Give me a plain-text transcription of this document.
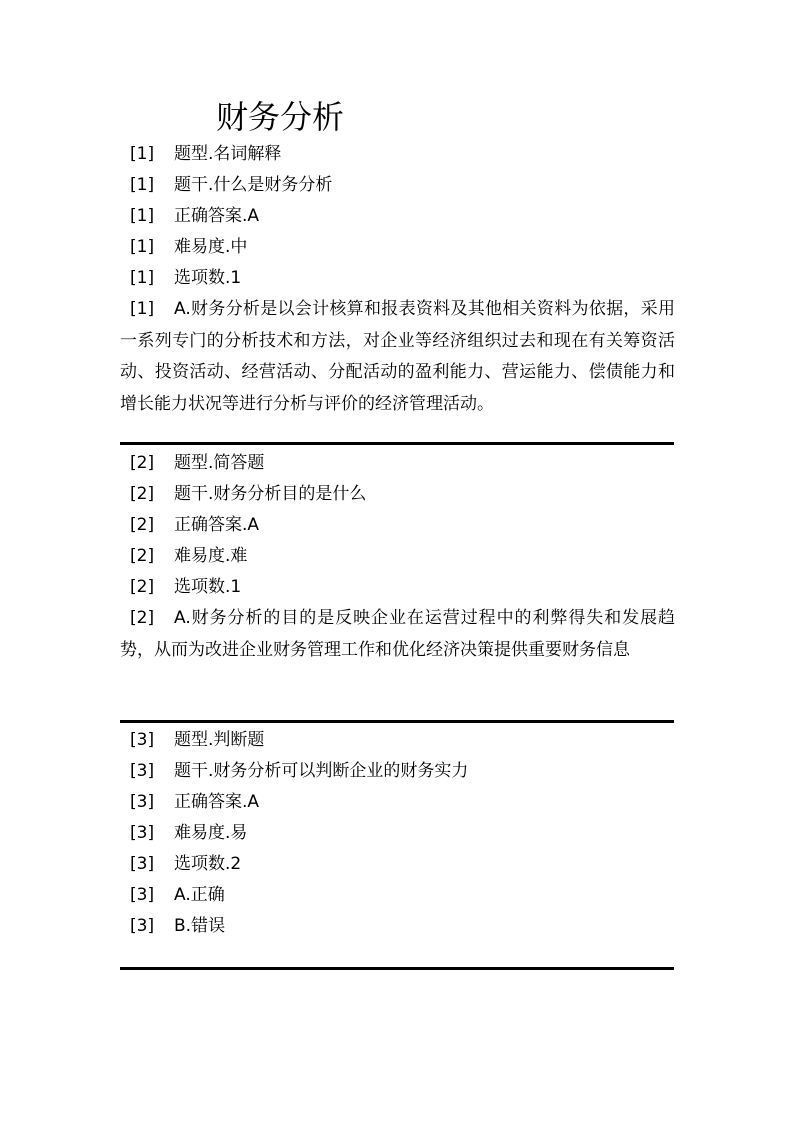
财务分析
[1] 题型.名词解释
[1] 题干.什么是财务分析
[1] 正确答案.A
[1] 难易度.中
[1] 选项数.1
[1] A.财务分析是以会计核算和报表资料及其他相关资料为依据，采用一系列专门的分析技术和方法，对企业等经济组织过去和现在有关筹资活动、投资活动、经营活动、分配活动的盈利能力、营运能力、偿债能力和增长能力状况等进行分析与评价的经济管理活动。
[2] 题型.简答题
[2] 题干.财务分析目的是什么
[2] 正确答案.A
[2] 难易度.难
[2] 选项数.1
[2] A.财务分析的目的是反映企业在运营过程中的利弊得失和发展趋势，从而为改进企业财务管理工作和优化经济决策提供重要财务信息
[3] 题型.判断题
[3] 题干.财务分析可以判断企业的财务实力
[3] 正确答案.A
[3] 难易度.易
[3] 选项数.2
[3] A.正确
[3] B.错误
